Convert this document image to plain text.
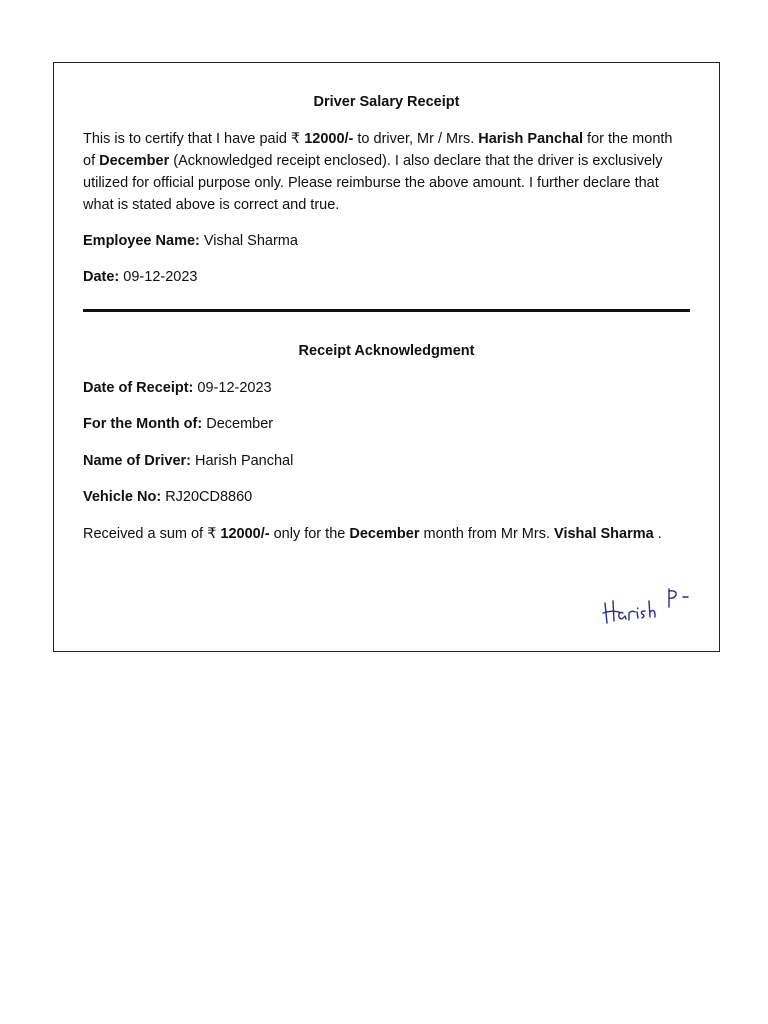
Driver Salary Receipt

This is to certify that I have paid ₹ 12000/- to driver, Mr / Mrs. Harish Panchal for the month of December (Acknowledged receipt enclosed). I also declare that the driver is exclusively utilized for official purpose only. Please reimburse the above amount. I further declare that what is stated above is correct and true.

Employee Name: Vishal Sharma

Date: 09-12-2023

Receipt Acknowledgment

Date of Receipt: 09-12-2023

For the Month of: December

Name of Driver: Harish Panchal

Vehicle No: RJ20CD8860

Received a sum of ₹ 12000/- only for the December month from Mr Mrs. Vishal Sharma .
